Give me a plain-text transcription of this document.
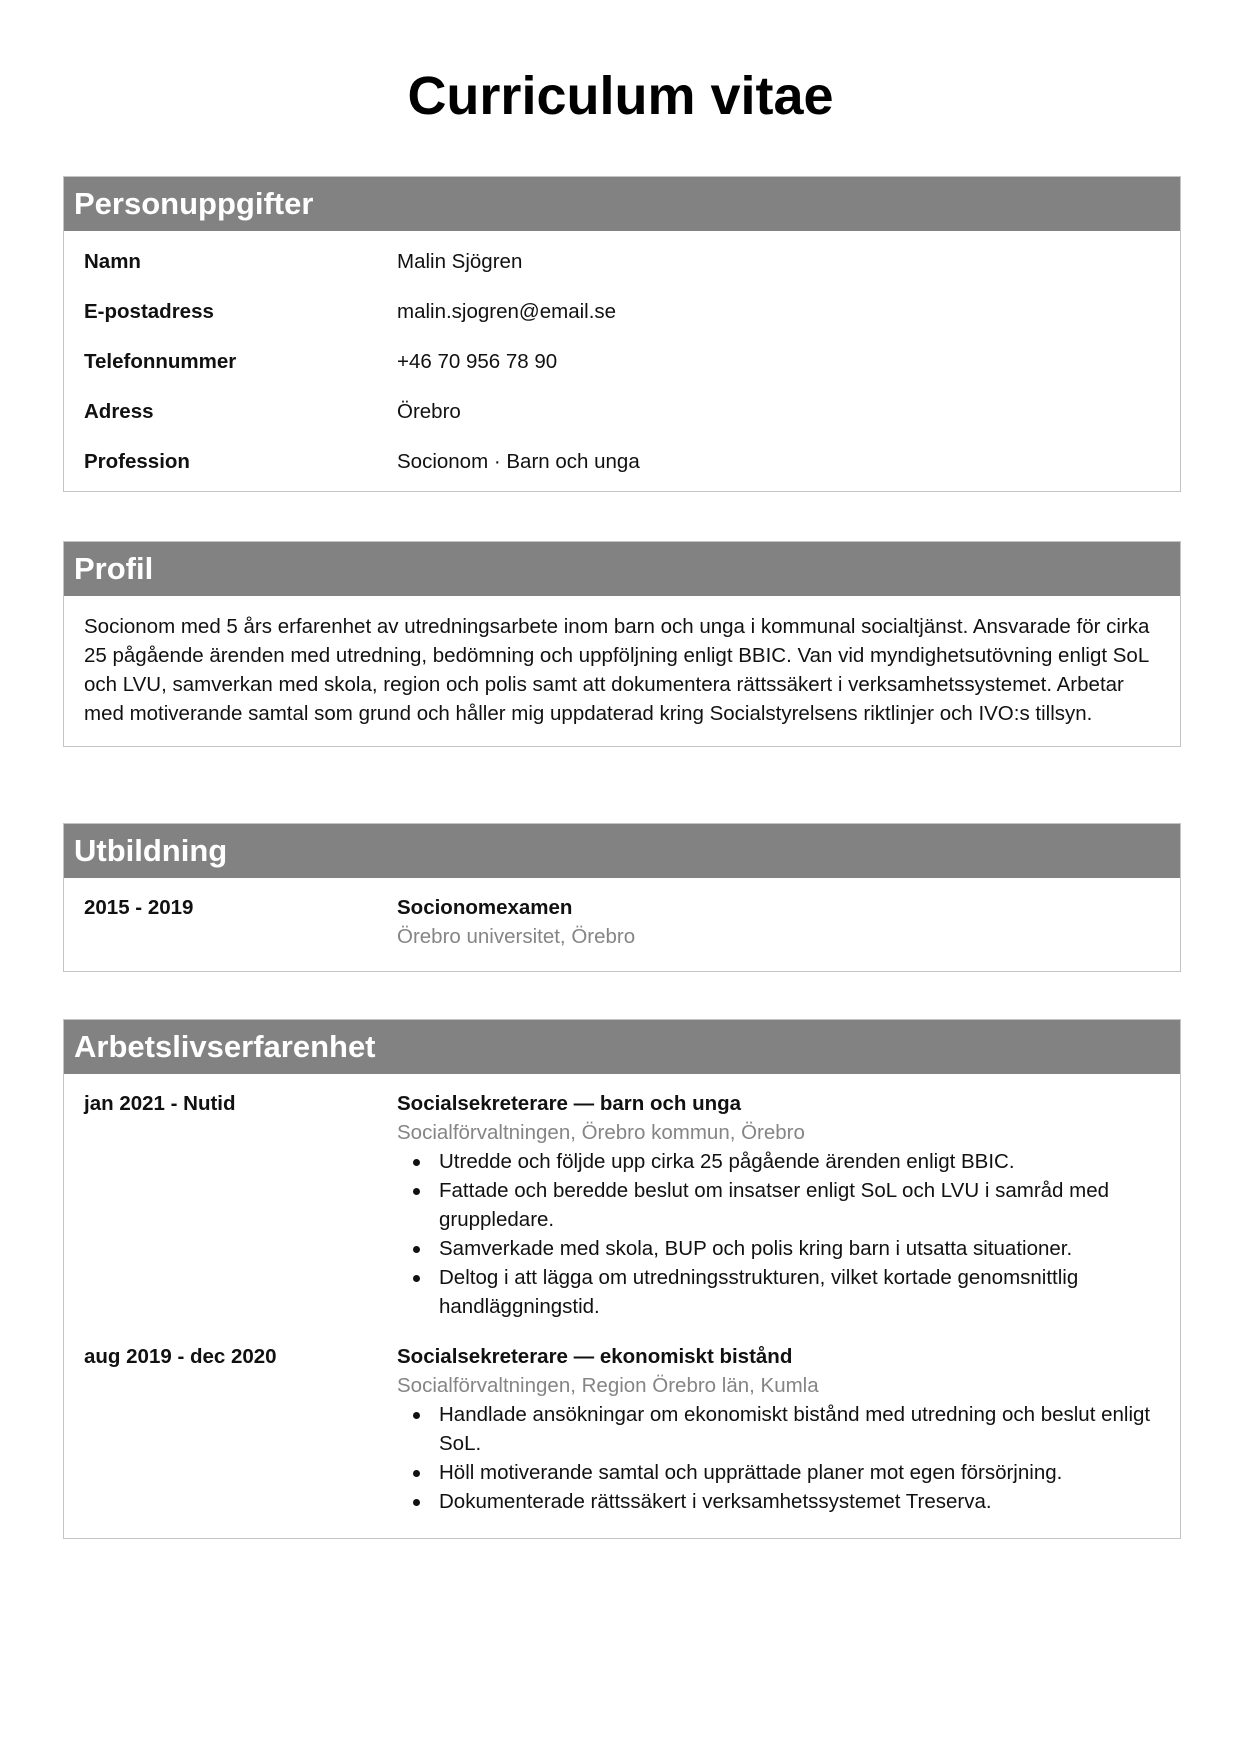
Curriculum vitae
Personuppgifter
Namn	Malin Sjögren
E-postadress	malin.sjogren@email.se
Telefonnummer	+46 70 956 78 90
Adress	Örebro
Profession	Socionom · Barn och unga
Profil

Socionom med 5 års erfarenhet av utredningsarbete inom barn och unga i kommunal socialtjänst. Ansvarade för cirka 25 pågående ärenden med utredning, bedömning och uppföljning enligt BBIC. Van vid myndighetsutövning enligt SoL och LVU, samverkan med skola, region och polis samt att dokumentera rättssäkert i verksamhetssystemet. Arbetar med motiverande samtal som grund och håller mig uppdaterad kring Socialstyrelsens riktlinjer och IVO:s tillsyn.

Utbildning
2015 - 2019	Socionomexamen
Örebro universitet, Örebro
Arbetslivserfarenhet
jan 2021 - Nutid	Socialsekreterare — barn och unga
Socialförvaltningen, Örebro kommun, Örebro
Utredde och följde upp cirka 25 pågående ärenden enligt BBIC.
Fattade och beredde beslut om insatser enligt SoL och LVU i samråd med gruppledare.
Samverkade med skola, BUP och polis kring barn i utsatta situationer.
Deltog i att lägga om utredningsstrukturen, vilket kortade genomsnittlig handläggningstid.
aug 2019 - dec 2020	Socialsekreterare — ekonomiskt bistånd
Socialförvaltningen, Region Örebro län, Kumla
Handlade ansökningar om ekonomiskt bistånd med utredning och beslut enligt SoL.
Höll motiverande samtal och upprättade planer mot egen försörjning.
Dokumenterade rättssäkert i verksamhetssystemet Treserva.
